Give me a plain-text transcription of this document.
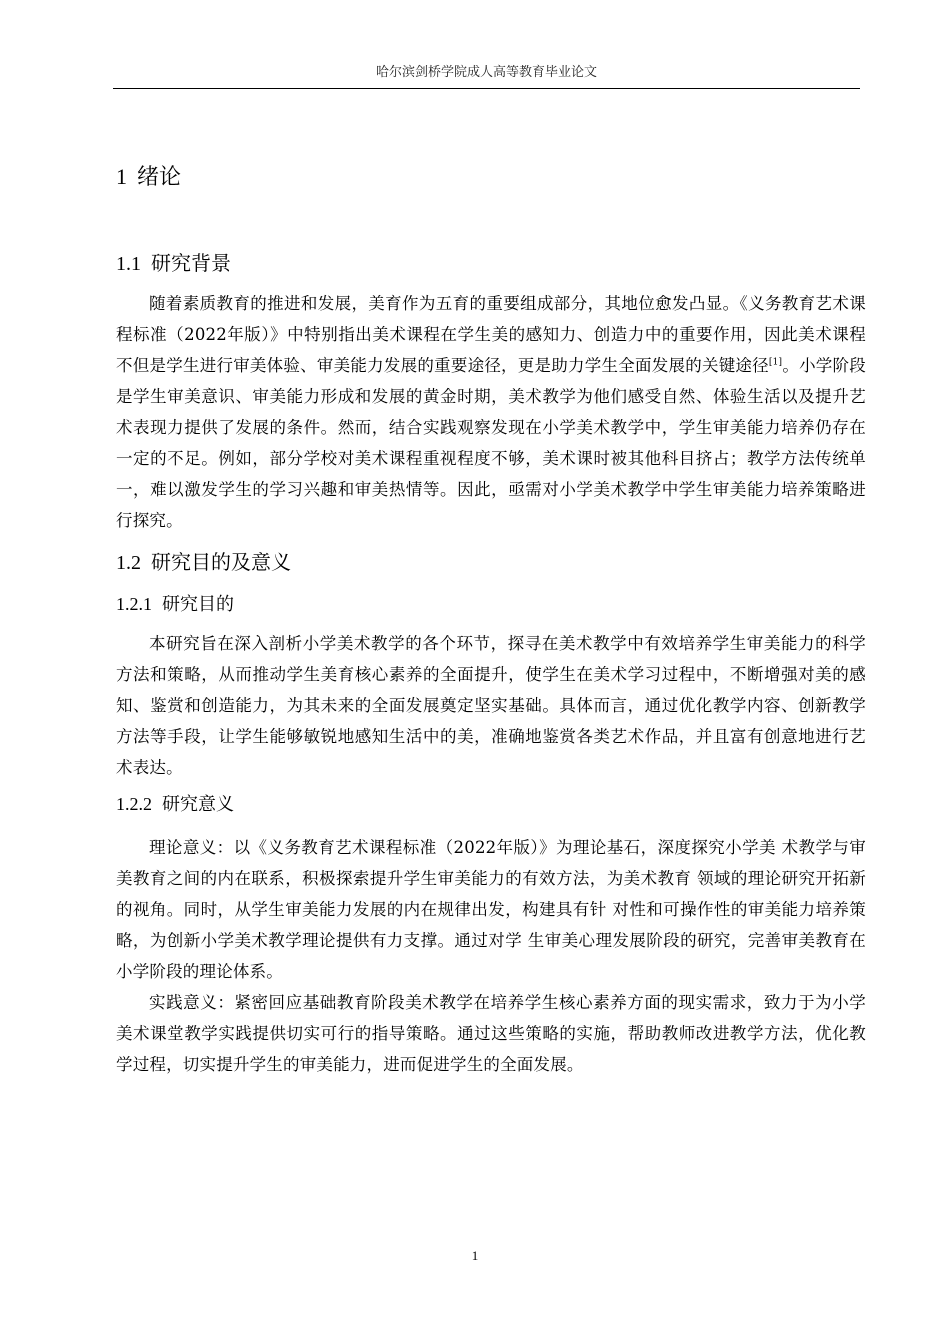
哈尔滨剑桥学院成人高等教育毕业论文
1 绪论
1.1 研究背景

随着素质教育的推进和发展，美育作为五育的重要组成部分，其地位愈发凸显。《义务教育艺术课程标准（2022年版）》中特别指出美术课程在学生美的感知力、创造力中的重要作用，因此美术课程不但是学生进行审美体验、审美能力发展的重要途径，更是助力学生全面发展的关键途径[1]。小学阶段是学生审美意识、审美能力形成和发展的黄金时期，美术教学为他们感受自然、体验生活以及提升艺术表现力提供了发展的条件。然而，结合实践观察发现在小学美术教学中，学生审美能力培养仍存在一定的不足。例如，部分学校对美术课程重视程度不够，美术课时被其他科目挤占；教学方法传统单一，难以激发学生的学习兴趣和审美热情等。因此，亟需对小学美术教学中学生审美能力培养策略进行探究。

1.2 研究目的及意义
1.2.1 研究目的

本研究旨在深入剖析小学美术教学的各个环节，探寻在美术教学中有效培养学生审美能力的科学方法和策略，从而推动学生美育核心素养的全面提升，使学生在美术学习过程中，不断增强对美的感知、鉴赏和创造能力，为其未来的全面发展奠定坚实基础。具体而言，通过优化教学内容、创新教学方法等手段，让学生能够敏锐地感知生活中的美，准确地鉴赏各类艺术作品，并且富有创意地进行艺术表达。

1.2.2 研究意义

理论意义：以《义务教育艺术课程标准（2022年版）》为理论基石，深度探究小学美 术教学与审美教育之间的内在联系，积极探索提升学生审美能力的有效方法，为美术教育 领域的理论研究开拓新的视角。同时，从学生审美能力发展的内在规律出发，构建具有针 对性和可操作性的审美能力培养策略，为创新小学美术教学理论提供有力支撑。通过对学 生审美心理发展阶段的研究，完善审美教育在小学阶段的理论体系。

实践意义：紧密回应基础教育阶段美术教学在培养学生核心素养方面的现实需求，致力于为小学美术课堂教学实践提供切实可行的指导策略。通过这些策略的实施，帮助教师改进教学方法，优化教学过程，切实提升学生的审美能力，进而促进学生的全面发展。

1
